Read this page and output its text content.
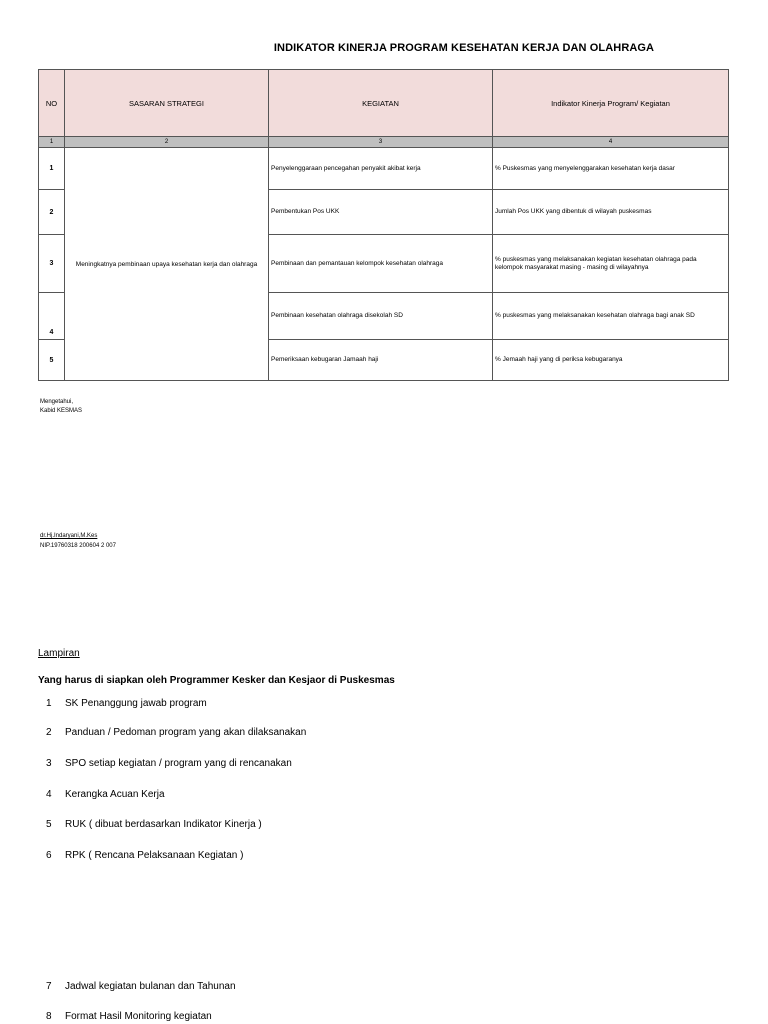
INDIKATOR KINERJA PROGRAM KESEHATAN KERJA DAN OLAHRAGA
NO	SASARAN STRATEGI	KEGIATAN	Indikator Kinerja Program/ Kegiatan
1	2	3	4
1	Meningkatnya pembinaan upaya kesehatan kerja dan olahraga	Penyelenggaraan pencegahan penyakit akibat kerja	% Puskesmas yang menyelenggarakan kesehatan kerja dasar
2		Pembentukan Pos UKK	Jumlah Pos UKK yang dibentuk di wilayah puskesmas
3		Pembinaan dan pemantauan kelompok kesehatan olahraga	% puskesmas yang melaksanakan kegiatan kesehatan olahraga pada kelompok masyarakat masing - masing di wilayahnya
4		Pembinaan kesehatan olahraga disekolah SD	% puskesmas yang melaksanakan kesehatan olahraga bagi anak SD
5		Pemeriksaan kebugaran Jamaah haji	% Jemaah haji yang di periksa kebugaranya
Mengetahui,
Kabid KESMAS
dr.Hj.Indaryani,M.Kes
NIP.19760318 200604 2 007
Lampiran
Yang harus di siapkan oleh Programmer Kesker dan Kesjaor di Puskesmas
1 SK Penanggung jawab program
2 Panduan / Pedoman program yang akan dilaksanakan
3 SPO setiap kegiatan / program yang di rencanakan
4 Kerangka Acuan Kerja
5 RUK ( dibuat berdasarkan Indikator Kinerja )
6 RPK ( Rencana Pelaksanaan Kegiatan )
7 Jadwal kegiatan bulanan dan Tahunan
8 Format Hasil Monitoring kegiatan
